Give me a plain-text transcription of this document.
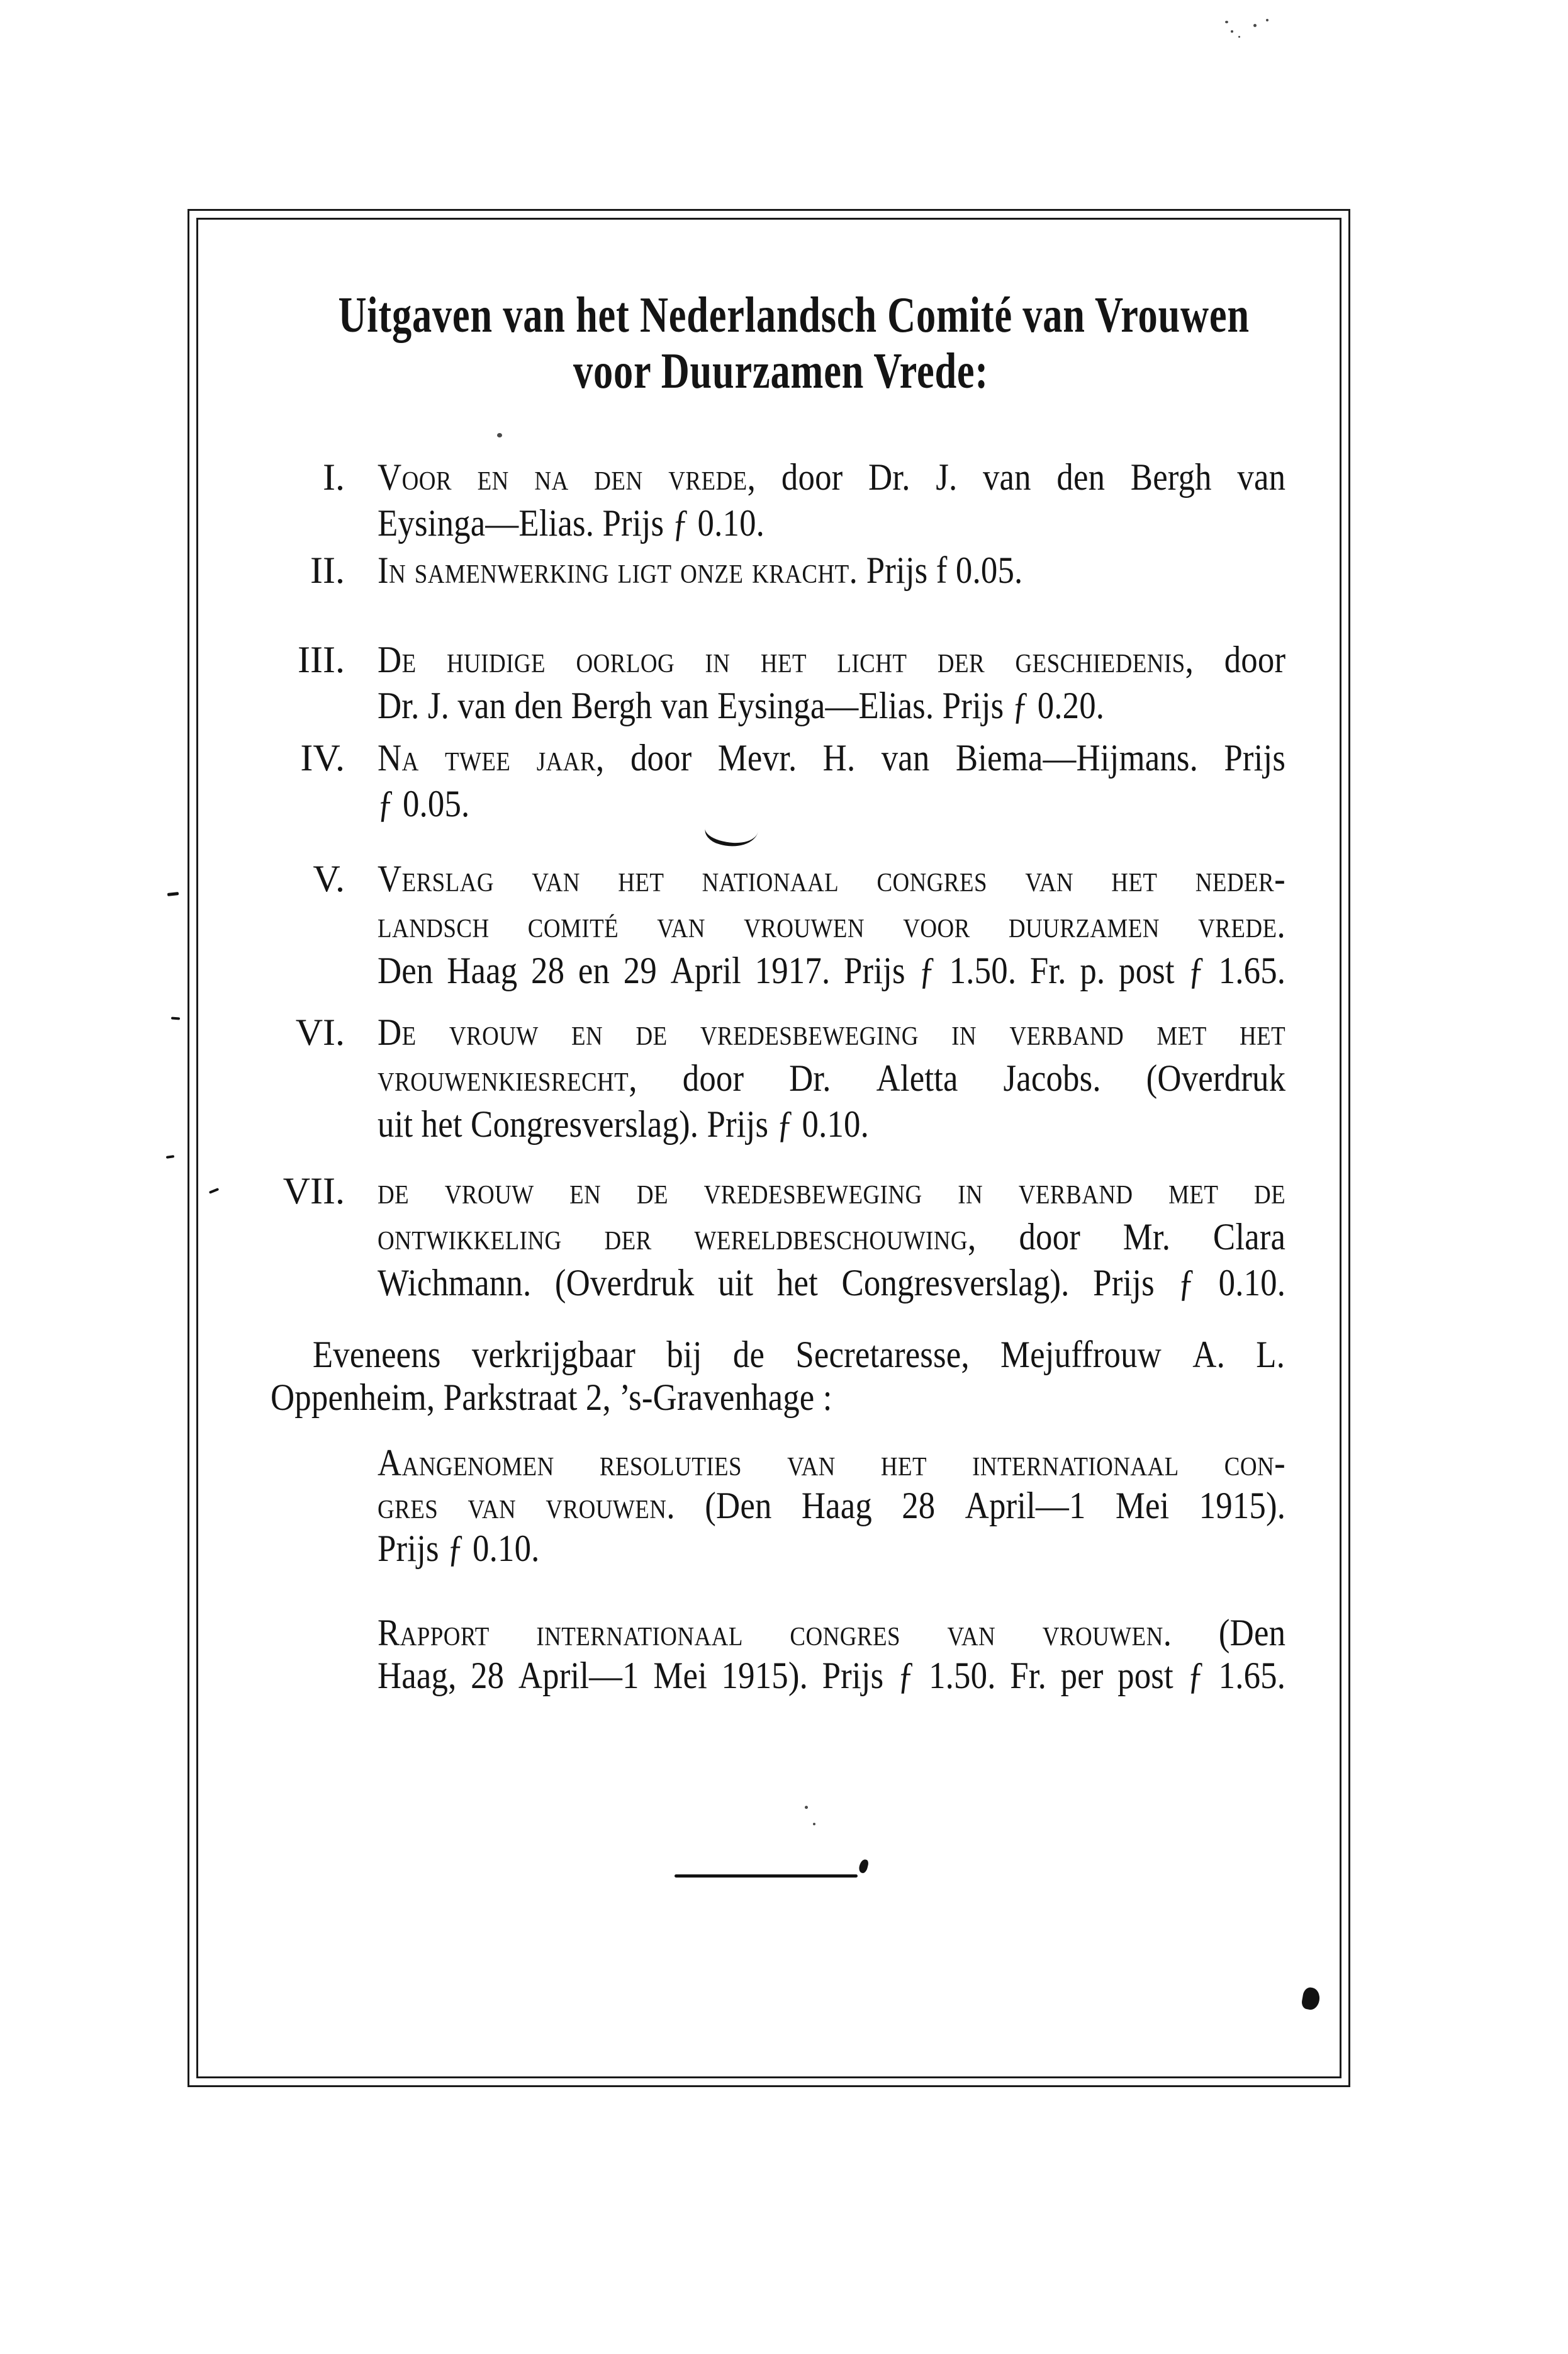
Uitgaven van het Nederlandsch Comité van Vrouwen
voor Duurzamen Vrede:
I. Voor en na den vrede, door Dr. J. van den Bergh van
Eysinga—Elias. Prijs ƒ 0.10.
II. In samenwerking ligt onze kracht. Prijs f 0.05.
III. De huidige oorlog in het licht der geschiedenis, door
Dr. J. van den Bergh van Eysinga—Elias. Prijs ƒ 0.20.
IV. Na twee jaar, door Mevr. H. van Biema—Hijmans. Prijs
ƒ 0.05.
V. Verslag van het nationaal congres van het neder-
landsch comité van vrouwen voor duurzamen vrede.
Den Haag 28 en 29 April 1917. Prijs ƒ 1.50. Fr. p. post ƒ 1.65.
VI. De vrouw en de vredesbeweging in verband met het
vrouwenkiesrecht, door Dr. Aletta Jacobs. (Overdruk
uit het Congresverslag). Prijs ƒ 0.10.
VII. de vrouw en de vredesbeweging in verband met de
ontwikkeling der wereldbeschouwing, door Mr. Clara
Wichmann. (Overdruk uit het Congresverslag). Prijs ƒ 0.10.
Eveneens verkrijgbaar bij de Secretaresse, Mejuffrouw A. L.
Oppenheim, Parkstraat 2, ’s-Gravenhage :
Aangenomen resoluties van het internationaal con-
gres van vrouwen. (Den Haag 28 April—1 Mei 1915).
Prijs ƒ 0.10.
Rapport internationaal congres van vrouwen. (Den
Haag, 28 April—1 Mei 1915). Prijs ƒ 1.50. Fr. per post ƒ 1.65.
